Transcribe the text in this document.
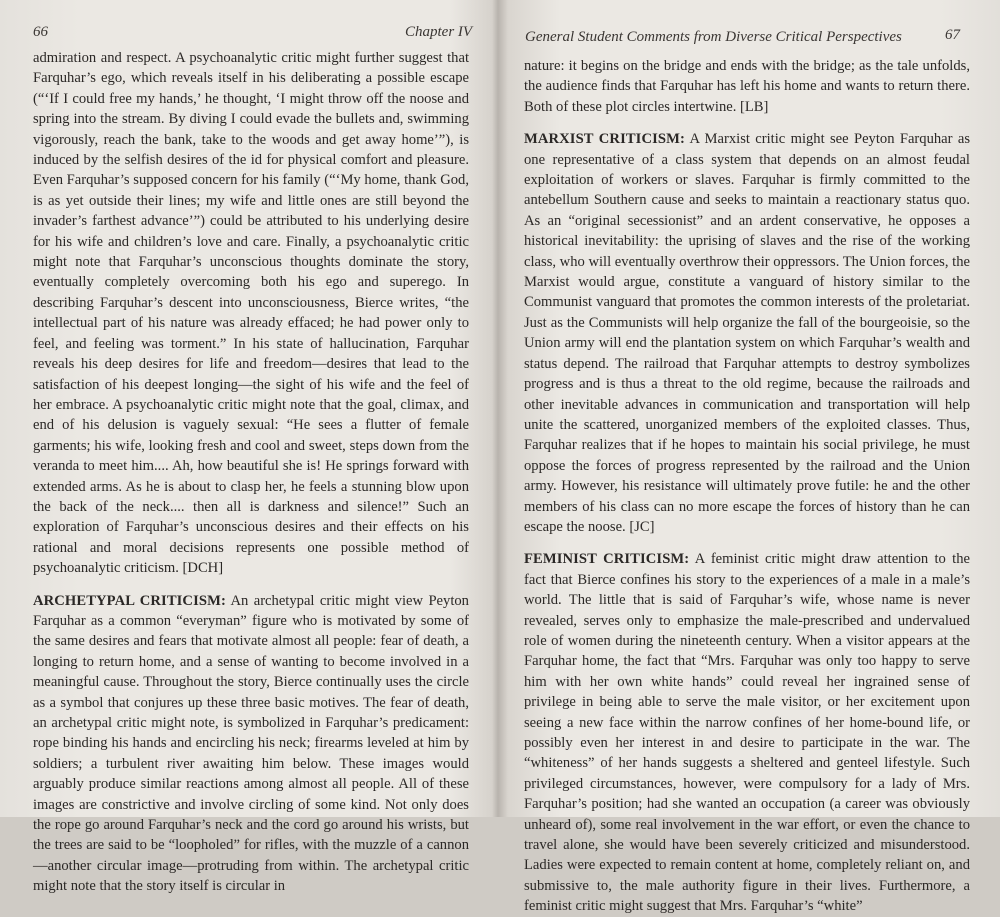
66	Chapter IV

admiration and respect. A psychoanalytic critic might further suggest that Farquhar’s ego, which reveals itself in his deliberating a possible escape (“‘If I could free my hands,’ he thought, ‘I might throw off the noose and spring into the stream. By diving I could evade the bullets and, swimming vigorously, reach the bank, take to the woods and get away home’”), is induced by the selfish desires of the id for physical comfort and pleasure. Even Farquhar’s supposed concern for his family (“‘My home, thank God, is as yet outside their lines; my wife and little ones are still beyond the invader’s farthest advance’”) could be attributed to his underlying desire for his wife and children’s love and care. Finally, a psychoanalytic critic might note that Farquhar’s unconscious thoughts dominate the story, eventually completely overcoming both his ego and superego. In describing Farquhar’s descent into unconsciousness, Bierce writes, “the intellectual part of his nature was already effaced; he had power only to feel, and feeling was torment.” In his state of hallucination, Farquhar reveals his deep desires for life and freedom—desires that lead to the satisfaction of his deepest longing—the sight of his wife and the feel of her embrace. A psychoanalytic critic might note that the goal, climax, and end of his delusion is vaguely sexual: “He sees a flutter of female garments; his wife, looking fresh and cool and sweet, steps down from the veranda to meet him.... Ah, how beautiful she is! He springs forward with extended arms. As he is about to clasp her, he feels a stunning blow upon the back of the neck.... then all is darkness and silence!” Such an exploration of Farquhar’s unconscious desires and their effects on his rational and moral decisions represents one possible method of psychoanalytic criticism. [DCH]

ARCHETYPAL CRITICISM: An archetypal critic might view Peyton Farquhar as a common “everyman” figure who is motivated by some of the same desires and fears that motivate almost all people: fear of death, a longing to return home, and a sense of wanting to become involved in a meaningful cause. Throughout the story, Bierce continually uses the circle as a symbol that conjures up these three basic motives. The fear of death, an archetypal critic might note, is symbolized in Farquhar’s predicament: rope binding his hands and encircling his neck; firearms leveled at him by soldiers; a turbulent river awaiting him below. These images would arguably produce similar reactions among almost all people. All of these images are constrictive and involve circling of some kind. Not only does the rope go around Farquhar’s neck and the cord go around his wrists, but the trees are said to be “loopholed” for rifles, with the muzzle of a cannon—another circular image—protruding from within. The archetypal critic might note that the story itself is circular in

General Student Comments from Diverse Critical Perspectives	67

nature: it begins on the bridge and ends with the bridge; as the tale unfolds, the audience finds that Farquhar has left his home and wants to return there. Both of these plot circles intertwine. [LB]

MARXIST CRITICISM: A Marxist critic might see Peyton Farquhar as one representative of a class system that depends on an almost feudal exploitation of workers or slaves. Farquhar is firmly committed to the antebellum Southern cause and seeks to maintain a reactionary status quo. As an “original secessionist” and an ardent conservative, he opposes a historical inevitability: the uprising of slaves and the rise of the working class, who will eventually overthrow their oppressors. The Union forces, the Marxist would argue, constitute a vanguard of history similar to the Communist vanguard that promotes the common interests of the proletariat. Just as the Communists will help organize the fall of the bourgeoisie, so the Union army will end the plantation system on which Farquhar’s wealth and status depend. The railroad that Farquhar attempts to destroy symbolizes progress and is thus a threat to the old regime, because the railroads and other inevitable advances in communication and transportation will help unite the scattered, unorganized members of the exploited classes. Thus, Farquhar realizes that if he hopes to maintain his social privilege, he must oppose the forces of progress represented by the railroad and the Union army. However, his resistance will ultimately prove futile: he and the other members of his class can no more escape the forces of history than he can escape the noose. [JC]

FEMINIST CRITICISM: A feminist critic might draw attention to the fact that Bierce confines his story to the experiences of a male in a male’s world. The little that is said of Farquhar’s wife, whose name is never revealed, serves only to emphasize the male-prescribed and undervalued role of women during the nineteenth century. When a visitor appears at the Farquhar home, the fact that “Mrs. Farquhar was only too happy to serve him with her own white hands” could reveal her ingrained sense of privilege in being able to serve the male visitor, or her excitement upon seeing a new face within the narrow confines of her home-bound life, or possibly even her interest in and desire to participate in the war. The “whiteness” of her hands suggests a sheltered and genteel lifestyle. Such privileged circumstances, however, were compulsory for a lady of Mrs. Farquhar’s position; had she wanted an occupation (a career was obviously unheard of), some real involvement in the war effort, or even the chance to travel alone, she would have been severely criticized and misunderstood. Ladies were expected to remain content at home, completely reliant on, and submissive to, the male authority figure in their lives. Furthermore, a feminist critic might suggest that Mrs. Farquhar’s “white”
